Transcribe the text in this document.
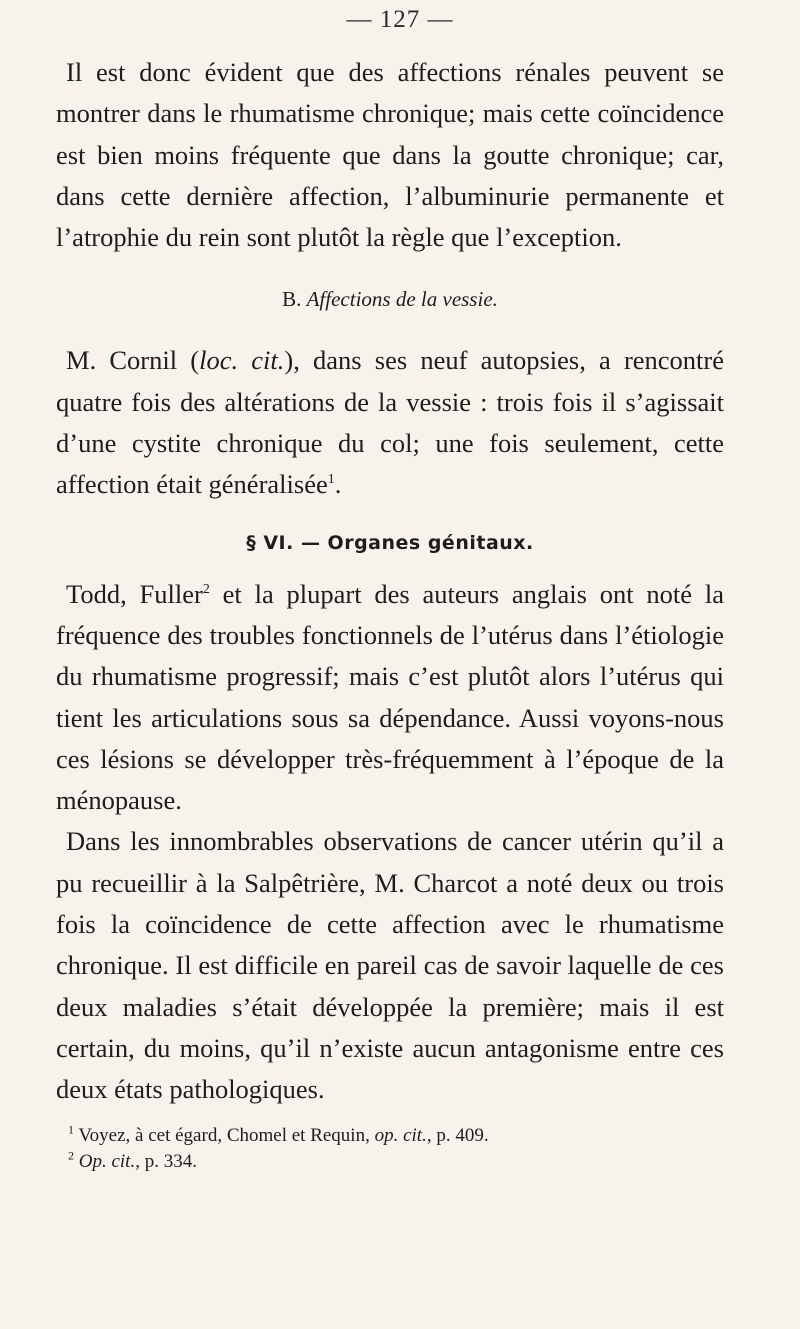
— 127 —

Il est donc évident que des affections rénales peuvent se montrer dans le rhumatisme chronique; mais cette coïncidence est bien moins fréquente que dans la goutte chronique; car, dans cette dernière affection, l’albuminurie permanente et l’atrophie du rein sont plutôt la règle que l’exception.

B. Affections de la vessie.

M. Cornil (loc. cit.), dans ses neuf autopsies, a rencontré quatre fois des altérations de la vessie : trois fois il s’agissait d’une cystite chronique du col; une fois seulement, cette affection était généralisée$^1$.

§ VI. — Organes génitaux.

Todd, Fuller$^2$ et la plupart des auteurs anglais ont noté la fréquence des troubles fonctionnels de l’utérus dans l’étiologie du rhumatisme progressif; mais c’est plutôt alors l’utérus qui tient les articulations sous sa dépendance. Aussi voyons-nous ces lésions se développer très-fréquemment à l’époque de la ménopause.

Dans les innombrables observations de cancer utérin qu’il a pu recueillir à la Salpêtrière, M. Charcot a noté deux ou trois fois la coïncidence de cette affection avec le rhumatisme chronique. Il est difficile en pareil cas de savoir laquelle de ces deux maladies s’était développée la première; mais il est certain, du moins, qu’il n’existe aucun antagonisme entre ces deux états pathologiques.

$^1$ Voyez, à cet égard, Chomel et Requin, op. cit., p. 409.

$^2$ Op. cit., p. 334.
